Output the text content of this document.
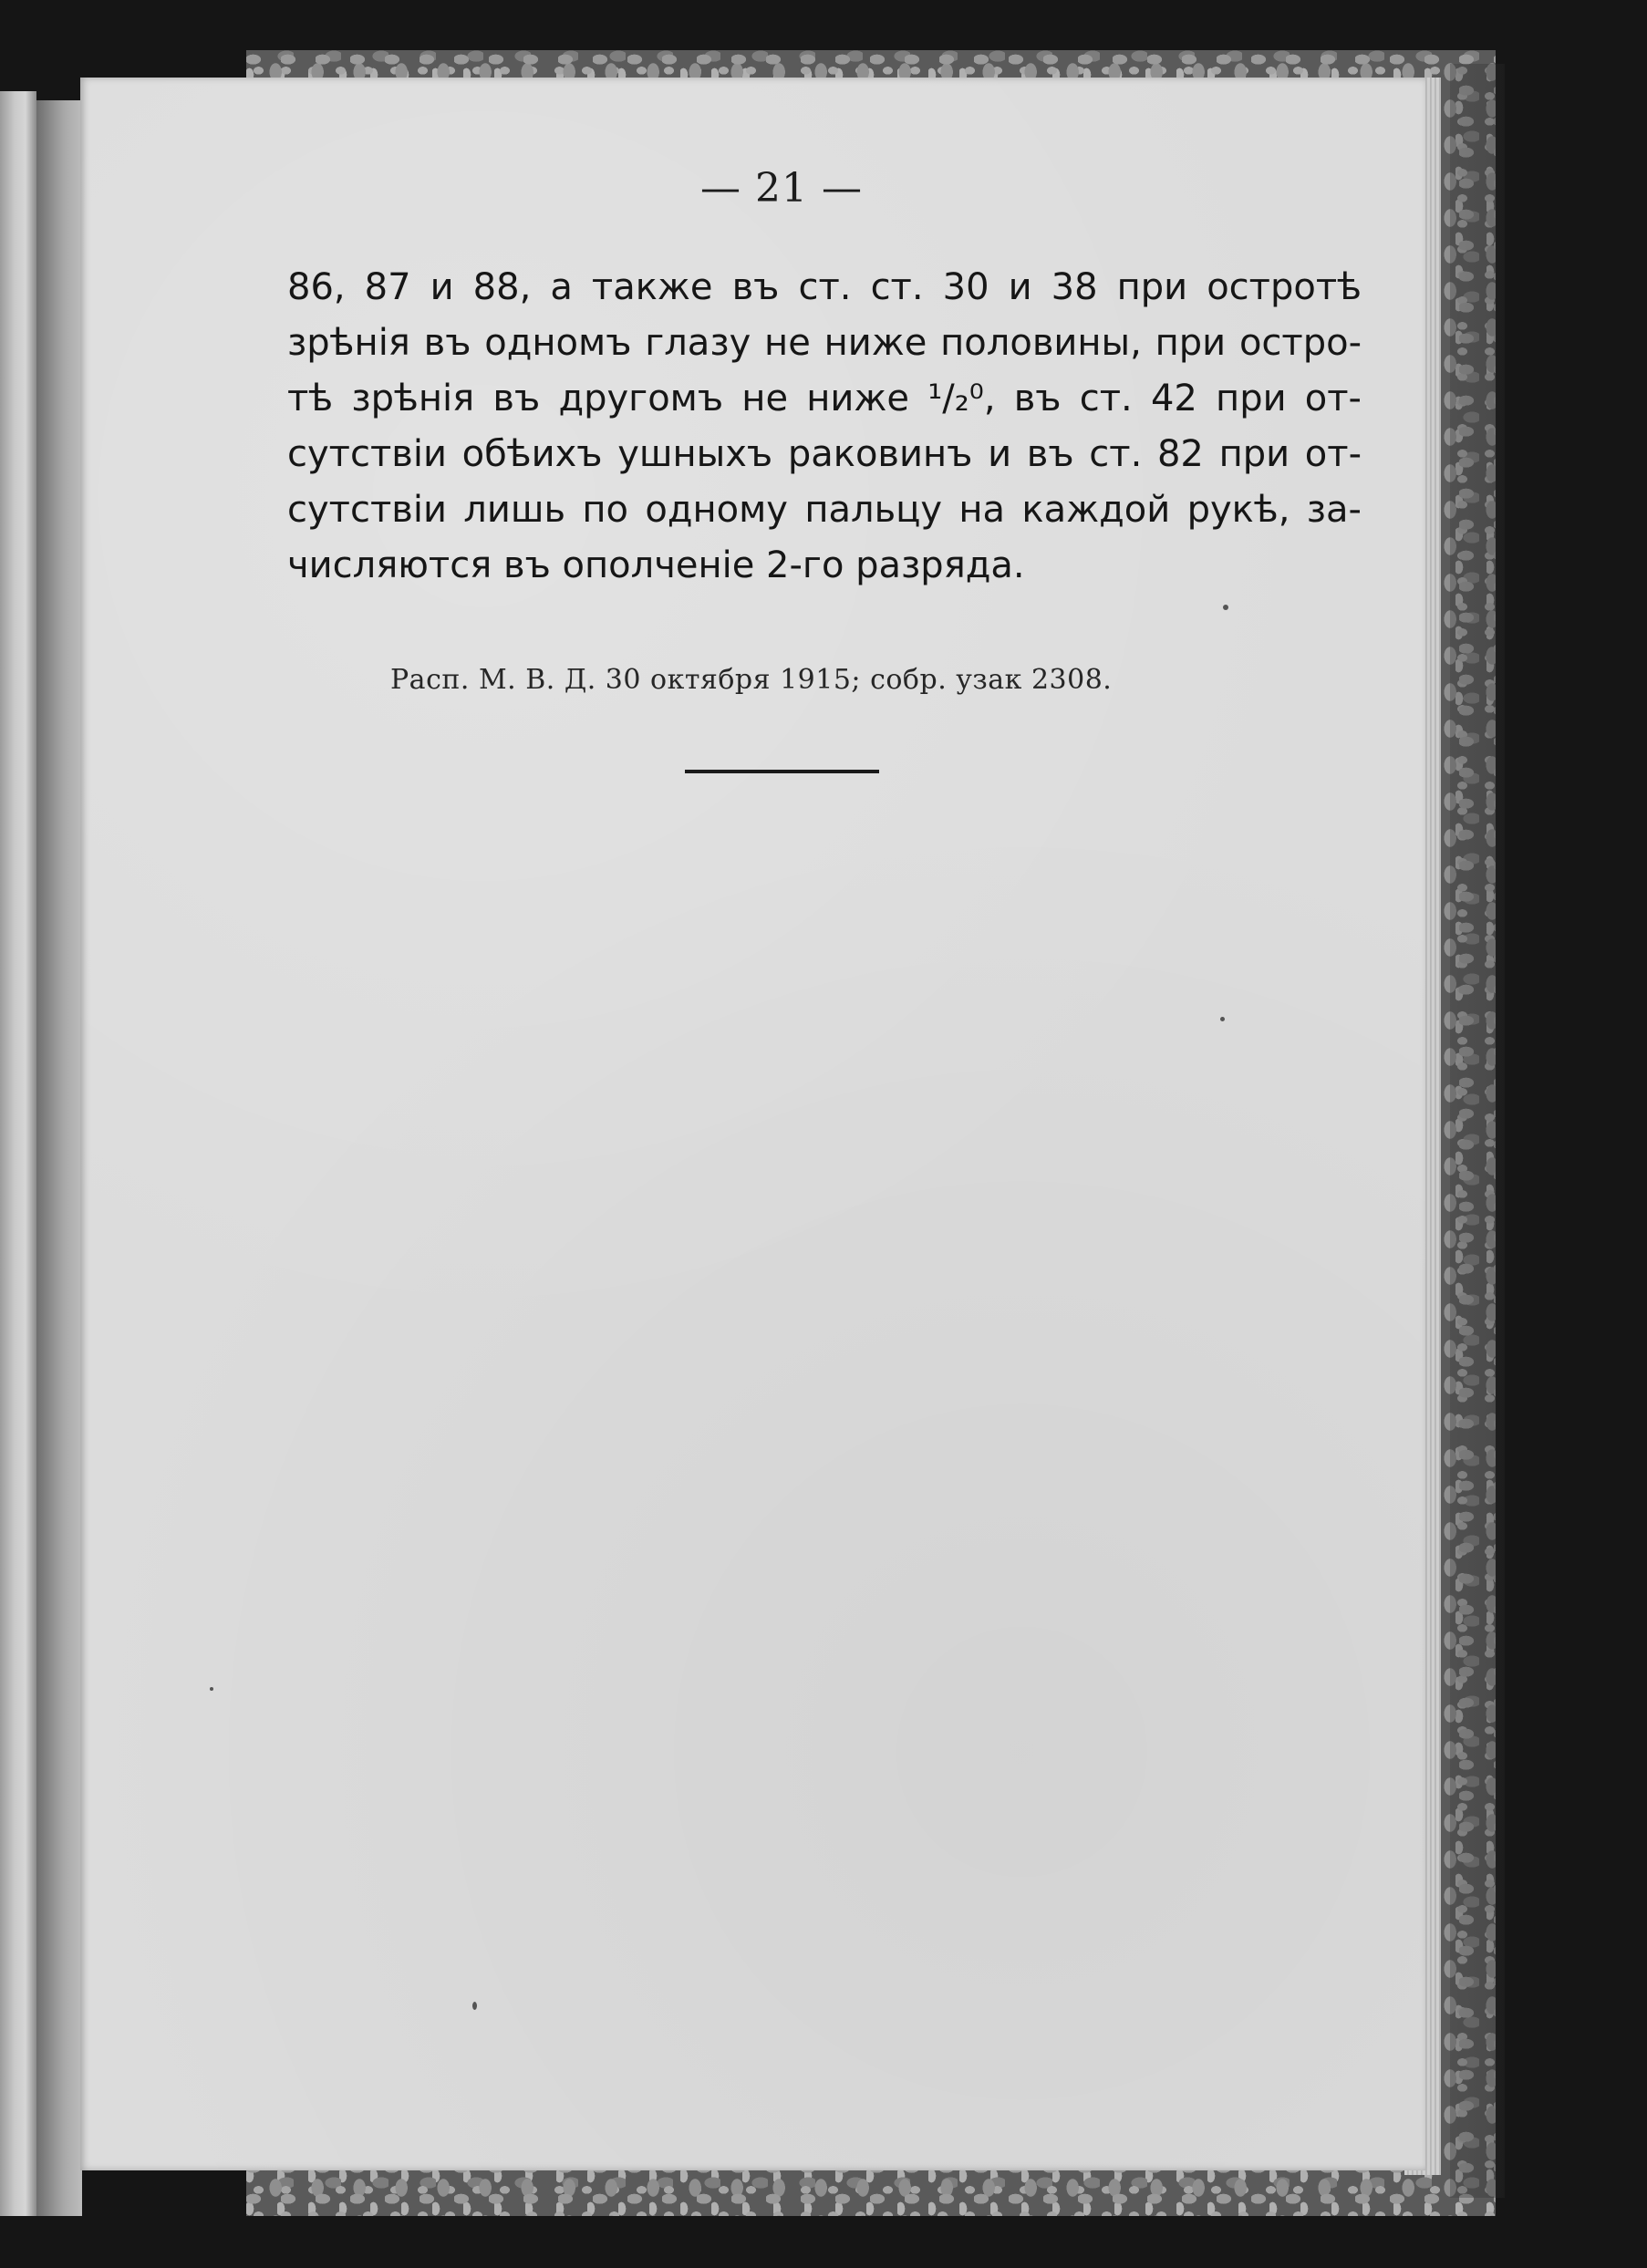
— 21 —
86, 87 и 88, а также въ ст. ст. 30 и 38 при остротѣ
зрѣнія въ одномъ глазу не ниже половины, при остро-
тѣ зрѣнія въ другомъ не ниже ¹/₂⁰, въ ст. 42 при от-
сутствіи обѣихъ ушныхъ раковинъ и въ ст. 82 при от-
сутствіи лишь по одному пальцу на каждой рукѣ, за-
числяются въ ополченіе 2-го разряда.
Расп. М. В. Д. 30 октября 1915; собр. узак 2308.
